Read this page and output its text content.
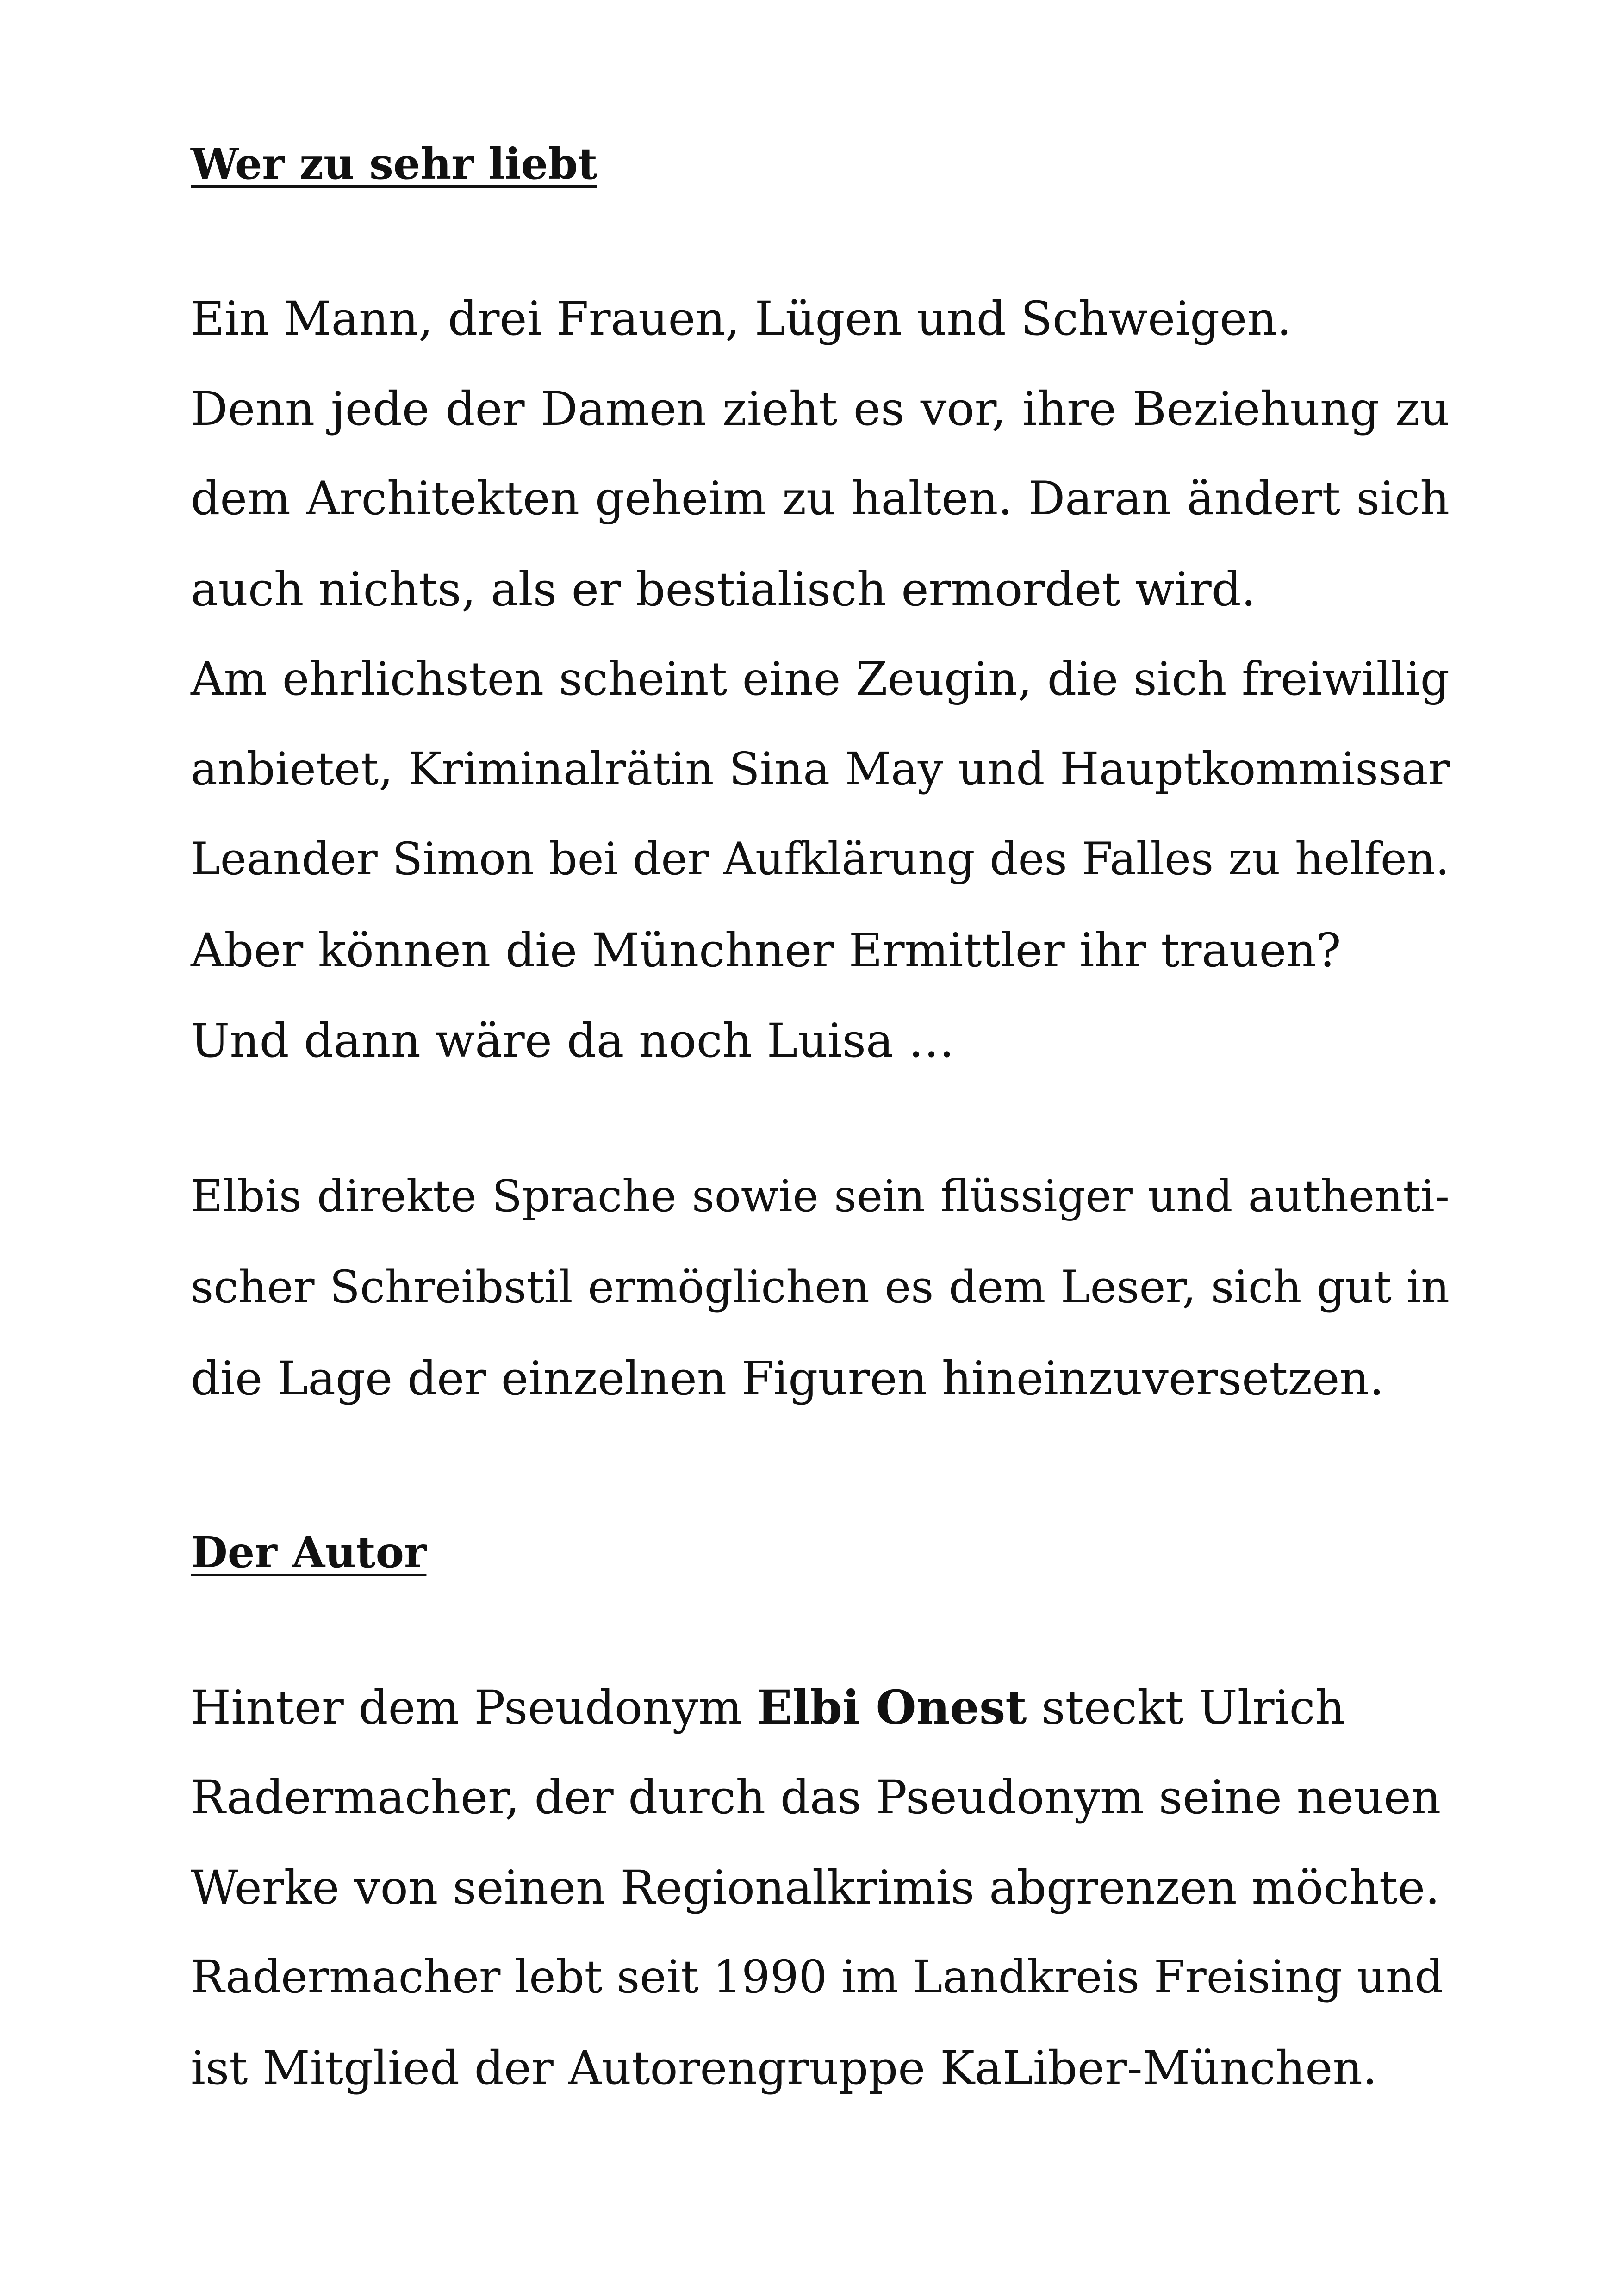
Wer zu sehr liebt
Ein Mann, drei Frauen, Lügen und Schweigen.
Denn jede der Damen zieht es vor, ihre Beziehung zu
dem Architekten geheim zu halten. Daran ändert sich
auch nichts, als er bestialisch ermordet wird.
Am ehrlichsten scheint eine Zeugin, die sich freiwillig
anbietet, Kriminalrätin Sina May und Hauptkommissar
Leander Simon bei der Aufklärung des Falles zu helfen.
Aber können die Münchner Ermittler ihr trauen?
Und dann wäre da noch Luisa …
Elbis direkte Sprache sowie sein flüssiger und authenti-
scher Schreibstil ermöglichen es dem Leser, sich gut in
die Lage der einzelnen Figuren hineinzuversetzen.
Der Autor
Hinter dem Pseudonym Elbi Onest steckt Ulrich
Radermacher, der durch das Pseudonym seine neuen
Werke von seinen Regionalkrimis abgrenzen möchte.
Radermacher lebt seit 1990 im Landkreis Freising und
ist Mitglied der Autorengruppe KaLiber-München.
